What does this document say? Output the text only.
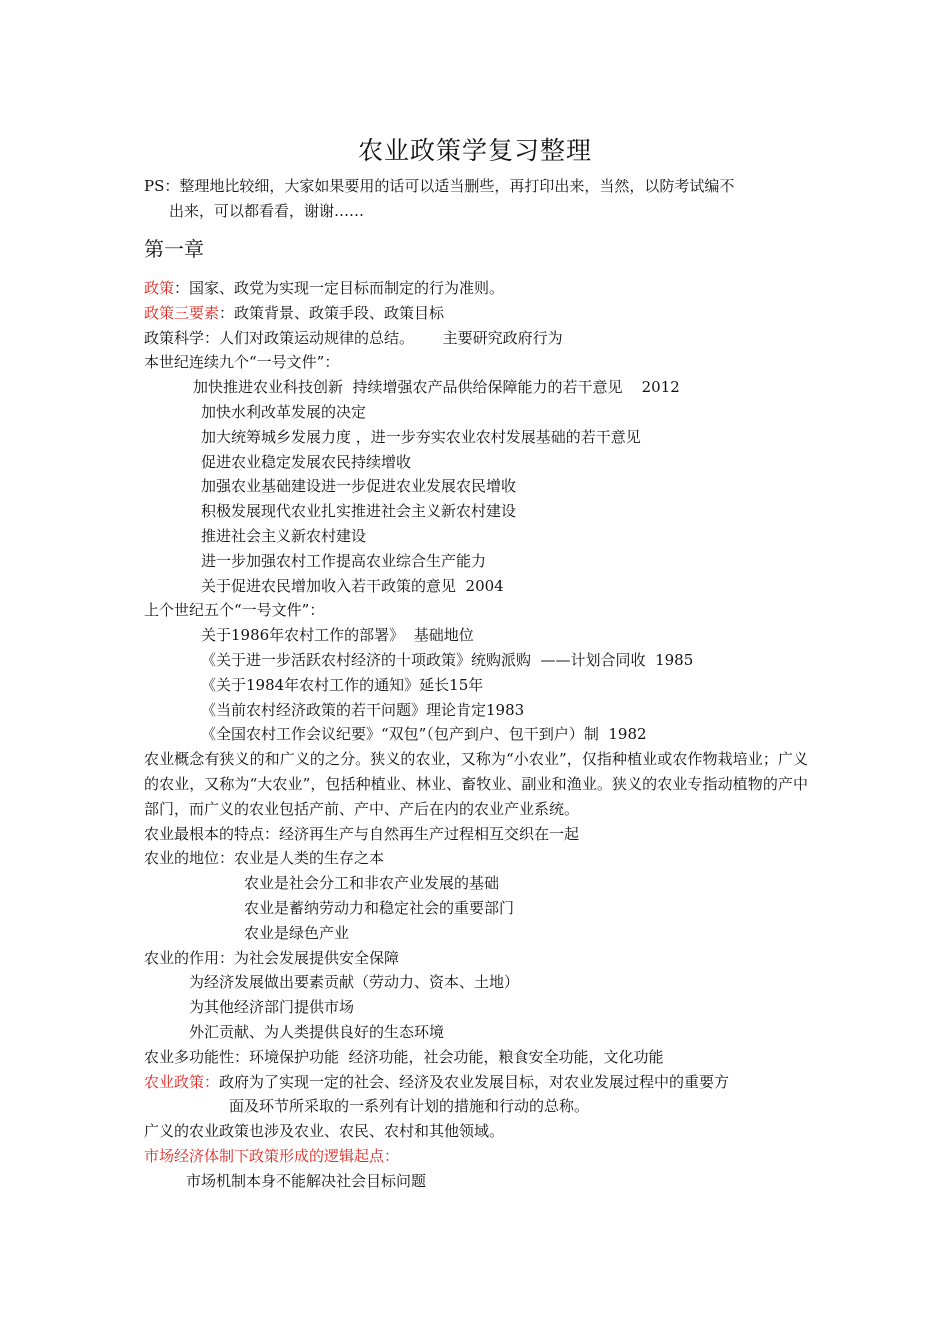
农业政策学复习整理
PS：整理地比较细，大家如果要用的话可以适当删些，再打印出来，当然，以防考试编不
出来，可以都看看，谢谢……
第一章
政策：国家、政党为实现一定目标而制定的行为准则。
政策三要素：政策背景、政策手段、政策目标
政策科学：人们对政策运动规律的总结。      主要研究政府行为
本世纪连续九个“一号文件”：
加快推进农业科技创新  持续增强农产品供给保障能力的若干意见    2012
加快水利改革发展的决定
加大统筹城乡发展力度 ，进一步夯实农业农村发展基础的若干意见
促进农业稳定发展农民持续增收
加强农业基础建设进一步促进农业发展农民增收
积极发展现代农业扎实推进社会主义新农村建设
推进社会主义新农村建设
进一步加强农村工作提高农业综合生产能力
关于促进农民增加收入若干政策的意见  2004
上个世纪五个“一号文件”：
关于1986年农村工作的部署》  基础地位
《关于进一步活跃农村经济的十项政策》统购派购  ——计划合同收  1985
《关于1984年农村工作的通知》延长15年
《当前农村经济政策的若干问题》理论肯定1983
《全国农村工作会议纪要》“双包”（包产到户、包干到户）制  1982
农业概念有狭义的和广义的之分。狭义的农业，又称为“小农业”，仅指种植业或农作物栽培业；广义的农业，又称为“大农业”，包括种植业、林业、畜牧业、副业和渔业。狭义的农业专指动植物的产中部门，而广义的农业包括产前、产中、产后在内的农业产业系统。
农业最根本的特点：经济再生产与自然再生产过程相互交织在一起
农业的地位：农业是人类的生存之本
农业是社会分工和非农产业发展的基础
农业是蓄纳劳动力和稳定社会的重要部门
农业是绿色产业
农业的作用：为社会发展提供安全保障
为经济发展做出要素贡献（劳动力、资本、土地）
为其他经济部门提供市场
外汇贡献、为人类提供良好的生态环境
农业多功能性：环境保护功能  经济功能，社会功能，粮食安全功能，文化功能
农业政策：政府为了实现一定的社会、经济及农业发展目标，对农业发展过程中的重要方
面及环节所采取的一系列有计划的措施和行动的总称。
广义的农业政策也涉及农业、农民、农村和其他领域。
市场经济体制下政策形成的逻辑起点：
市场机制本身不能解决社会目标问题
